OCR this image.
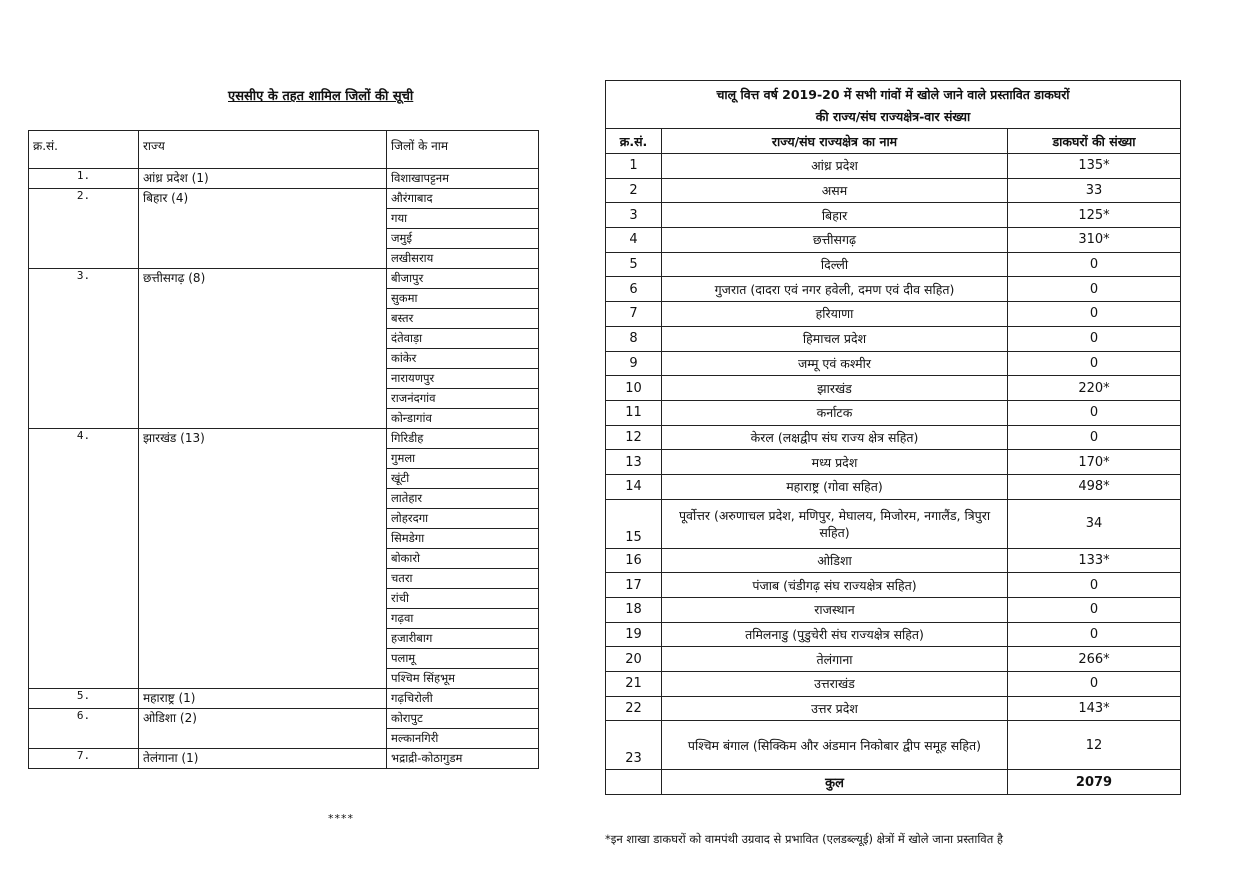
एससीए के तहत शामिल जिलों की सूची
क्र.सं.	राज्य	जिलों के नाम
1.	आंध्र प्रदेश (1)	विशाखापट्टनम
2.	बिहार (4)	औरंगाबाद
		गया
		जमुई
		लखीसराय
3.	छत्तीसगढ़ (8)	बीजापुर
		सुकमा
		बस्तर
		दंतेवाड़ा
		कांकेर
		नारायणपुर
		राजनंदगांव
		कोन्डागांव
4.	झारखंड (13)	गिरिडीह
		गुमला
		खूंटी
		लातेहार
		लोहरदगा
		सिमडेगा
		बोकारो
		चतरा
		रांची
		गढ़वा
		हजारीबाग
		पलामू
		पश्चिम सिंहभूम
5.	महाराष्ट्र (1)	गढ़चिरोली
6.	ओडिशा (2)	कोरापुट
		मल्कानगिरी
7.	तेलंगाना (1)	भद्राद्री-कोठागुडम
****
चालू वित्त वर्ष 2019-20 में सभी गांवों में खोले जाने वाले प्रस्तावित डाकघरों
की राज्य/संघ राज्यक्षेत्र-वार संख्या		

क्र.सं.	राज्य/संघ राज्यक्षेत्र का नाम	डाकघरों की संख्या
1	आंध्र प्रदेश	135*
2	असम	33
3	बिहार	125*
4	छत्तीसगढ़	310*
5	दिल्ली	0
6	गुजरात (दादरा एवं नगर हवेली, दमण एवं दीव सहित)	0
7	हरियाणा	0
8	हिमाचल प्रदेश	0
9	जम्मू एवं कश्मीर	0
10	झारखंड	220*
11	कर्नाटक	0
12	केरल (लक्षद्वीप संघ राज्य क्षेत्र सहित)	0
13	मध्य प्रदेश	170*
14	महाराष्ट्र (गोवा सहित)	498*
15	पूर्वोत्तर (अरुणाचल प्रदेश, मणिपुर, मेघालय, मिजोरम, नगालैंड, त्रिपुरा सहित)	34
16	ओडिशा	133*
17	पंजाब (चंडीगढ़ संघ राज्यक्षेत्र सहित)	0
18	राजस्थान	0
19	तमिलनाडु (पुडुचेरी संघ राज्यक्षेत्र सहित)	0
20	तेलंगाना	266*
21	उत्तराखंड	0
22	उत्तर प्रदेश	143*
23	पश्चिम बंगाल (सिक्किम और अंडमान निकोबार द्वीप समूह सहित)	12
	कुल	2079
*इन शाखा डाकघरों को वामपंथी उग्रवाद से प्रभावित (एलडब्ल्यूई) क्षेत्रों में खोले जाना प्रस्तावित है
